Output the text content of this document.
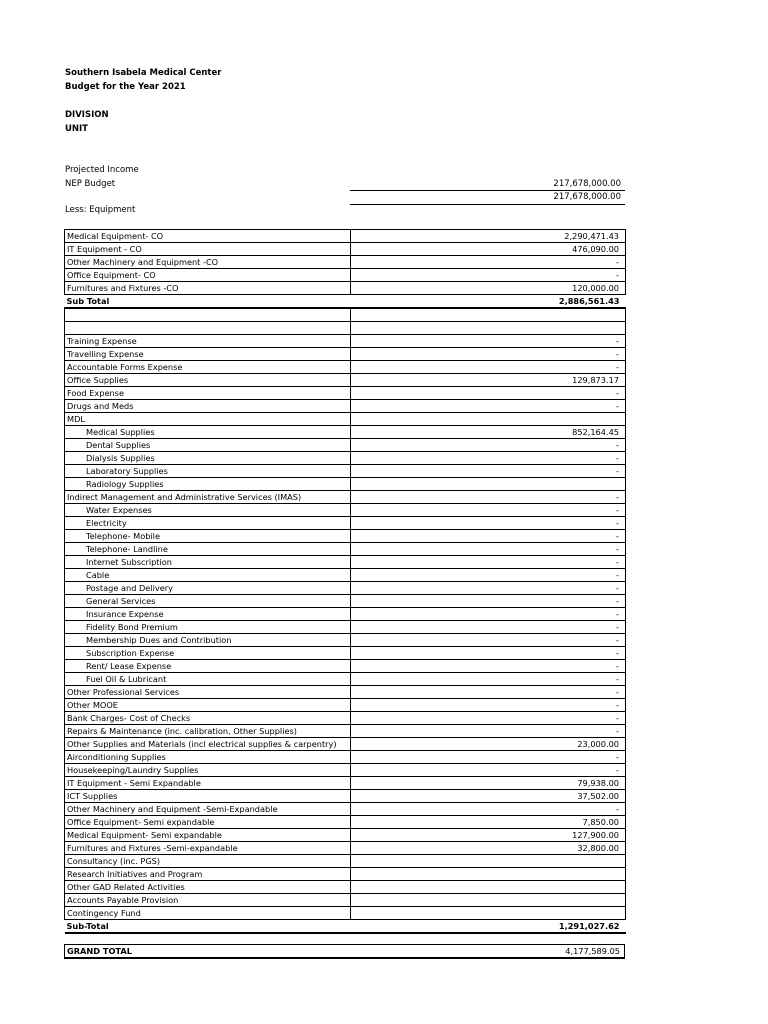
Southern Isabela Medical Center
Budget for the Year 2021
DIVISION
UNIT
Projected Income
NEP Budget	217,678,000.00
217,678,000.00
Less: Equipment
Medical Equipment- CO	2,290,471.43
IT Equipment - CO	476,090.00
Other Machinery and Equipment -CO	-
Office Equipment- CO	-
Furnitures and Fixtures -CO	120,000.00
Sub Total	2,886,561.43

Training Expense	-
Travelling Expense	-
Accountable Forms Expense	-
Office Supplies	129,873.17
Food Expense	-
Drugs and Meds	-
MDL	
Medical Supplies	852,164.45
Dental Supplies	-
Dialysis Supplies	-
Laboratory Supplies	-
Radiology Supplies	
Indirect Management and Administrative Services (IMAS)	-
Water Expenses	-
Electricity	-
Telephone- Mobile	-
Telephone- Landline	-
Internet Subscription	-
Cable	-
Postage and Delivery	-
General Services	-
Insurance Expense	-
Fidelity Bond Premium	-
Membership Dues and Contribution	-
Subscription Expense	-
Rent/ Lease Expense	-
Fuel Oil & Lubricant	-
Other Professional Services	-
Other MOOE	-
Bank Charges- Cost of Checks	-
Repairs & Maintenance (inc. calibration, Other Supplies)	-
Other Supplies and Materials (incl electrical supplies & carpentry)	23,000.00
Airconditioning Supplies	-
Housekeeping/Laundry Supplies	-
IT Equipment - Semi Expandable	79,938.00
ICT Supplies	37,502.00
Other Machinery and Equipment -Semi-Expandable	-
Office Equipment- Semi expandable	7,850.00
Medical Equipment- Semi expandable	127,900.00
Furnitures and Fixtures -Semi-expandable	32,800.00
Consultancy (inc. PGS)	
Research Initiatives and Program	
Other GAD Related Activities	
Accounts Payable Provision	
Contingency Fund	
Sub-Total	1,291,027.62
GRAND TOTAL	4,177,589.05
